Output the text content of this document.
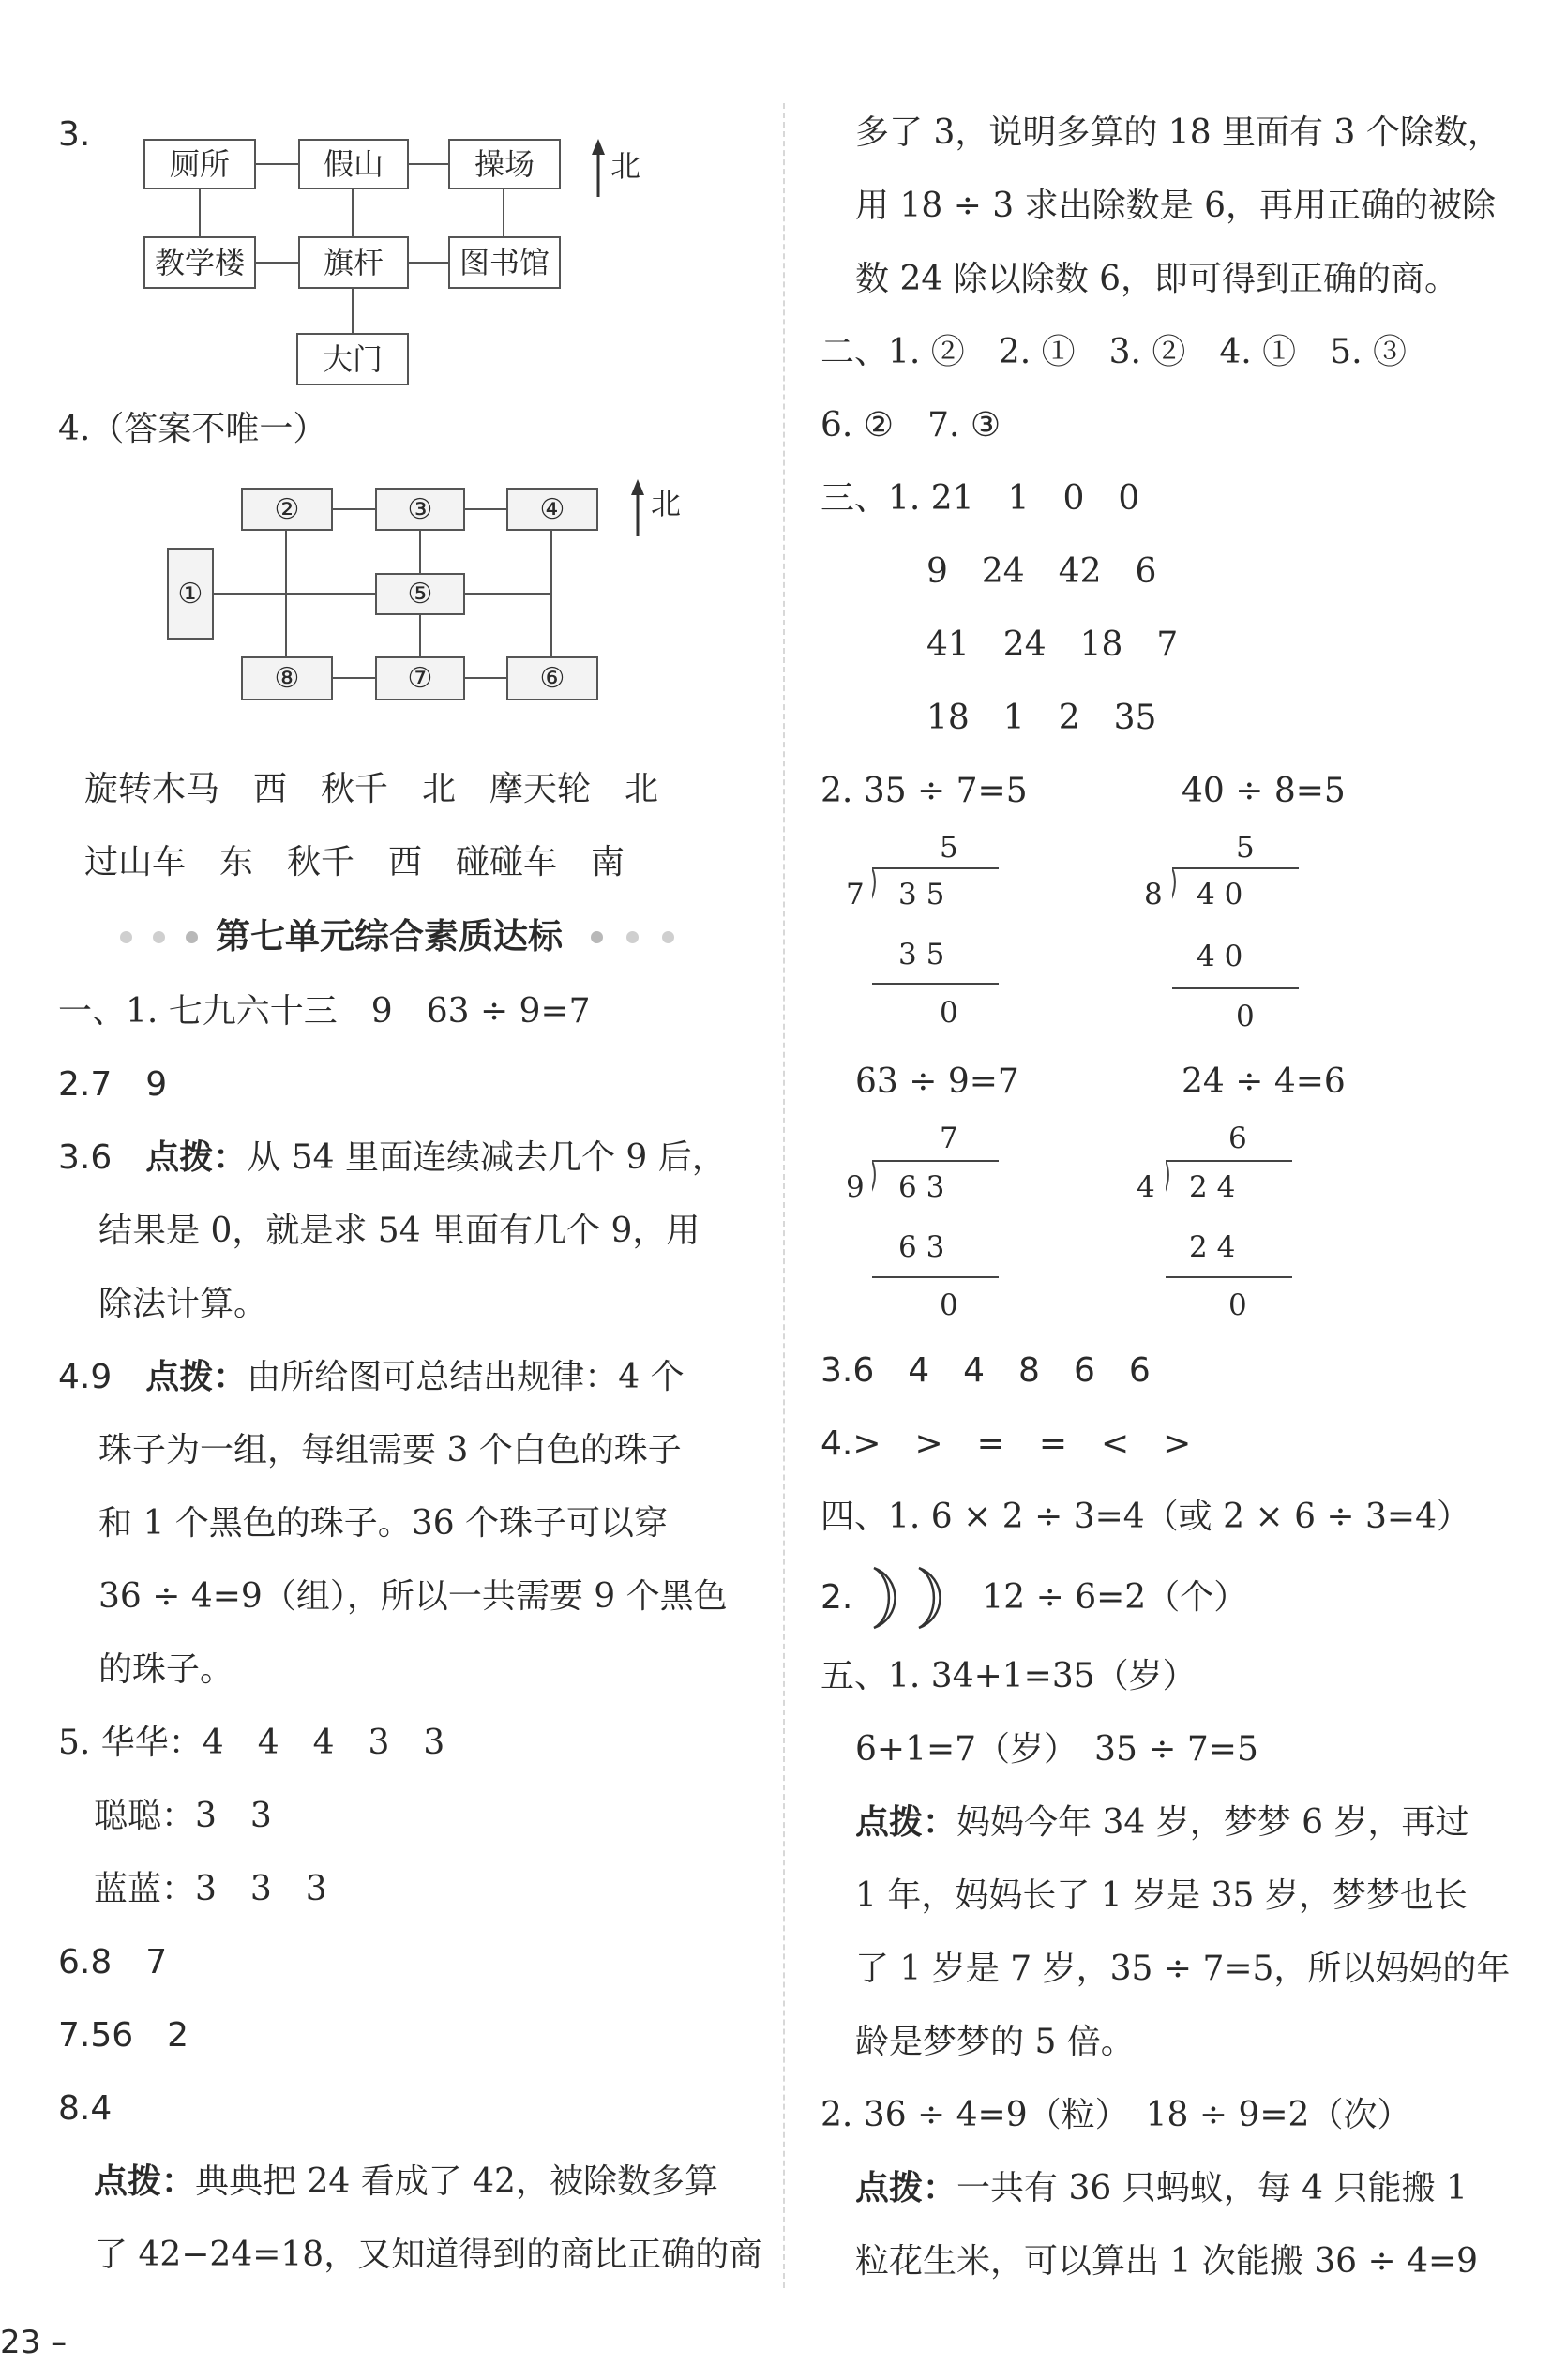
3.
厕所	假山	操场
教学楼	旗杆	图书馆
大门
北
4.（答案不唯一）
②	③	④
①	⑤
⑧	⑦	⑥
北
旋转木马　西　秋千　北　摩天轮　北
过山车　东　秋千　西　碰碰车　南
第七单元综合素质达标
一、1. 七九六十三　9　63 ÷ 9=7
2.7　9
3.6　点拨：从 54 里面连续减去几个 9 后，
结果是 0，就是求 54 里面有几个 9，用
除法计算。
4.9　点拨：由所给图可总结出规律：4 个
珠子为一组，每组需要 3 个白色的珠子
和 1 个黑色的珠子。36 个珠子可以穿
36 ÷ 4=9（组），所以一共需要 9 个黑色
的珠子。
5. 华华：4　4　4　3　3
聪聪：3　3
蓝蓝：3　3　3
6.8　7
7.56　2
8.4
点拨：典典把 24 看成了 42，被除数多算
了 42−24=18，又知道得到的商比正确的商
多了 3，说明多算的 18 里面有 3 个除数，
用 18 ÷ 3 求出除数是 6，再用正确的被除
数 24 除以除数 6，即可得到正确的商。
二、1. ②　2. ①　3. ②　4. ①　5. ③
6. ②　7. ③
三、1. 21　1　0　0
9　24　42　6
41　24　18　7
18　1　2　35
2. 35 ÷ 7=5	40 ÷ 8=5
5
7 3 5
3 5
0
5
8 4 0
4 0
0
63 ÷ 9=7	24 ÷ 4=6
7
9 6 3
6 3
0
6
4 2 4
2 4
0
3.6　4　4　8　6　6
4.>　>　=　=　<　>
四、1. 6 × 2 ÷ 3=4（或 2 × 6 ÷ 3=4）
2.	12 ÷ 6=2（个）
五、1. 34+1=35（岁）
6+1=7（岁）　35 ÷ 7=5
点拨：妈妈今年 34 岁，梦梦 6 岁，再过
1 年，妈妈长了 1 岁是 35 岁，梦梦也长
了 1 岁是 7 岁，35 ÷ 7=5，所以妈妈的年
龄是梦梦的 5 倍。
2. 36 ÷ 4=9（粒）　18 ÷ 9=2（次）
点拨：一共有 36 只蚂蚁，每 4 只能搬 1
粒花生米，可以算出 1 次能搬 36 ÷ 4=9
23 –
